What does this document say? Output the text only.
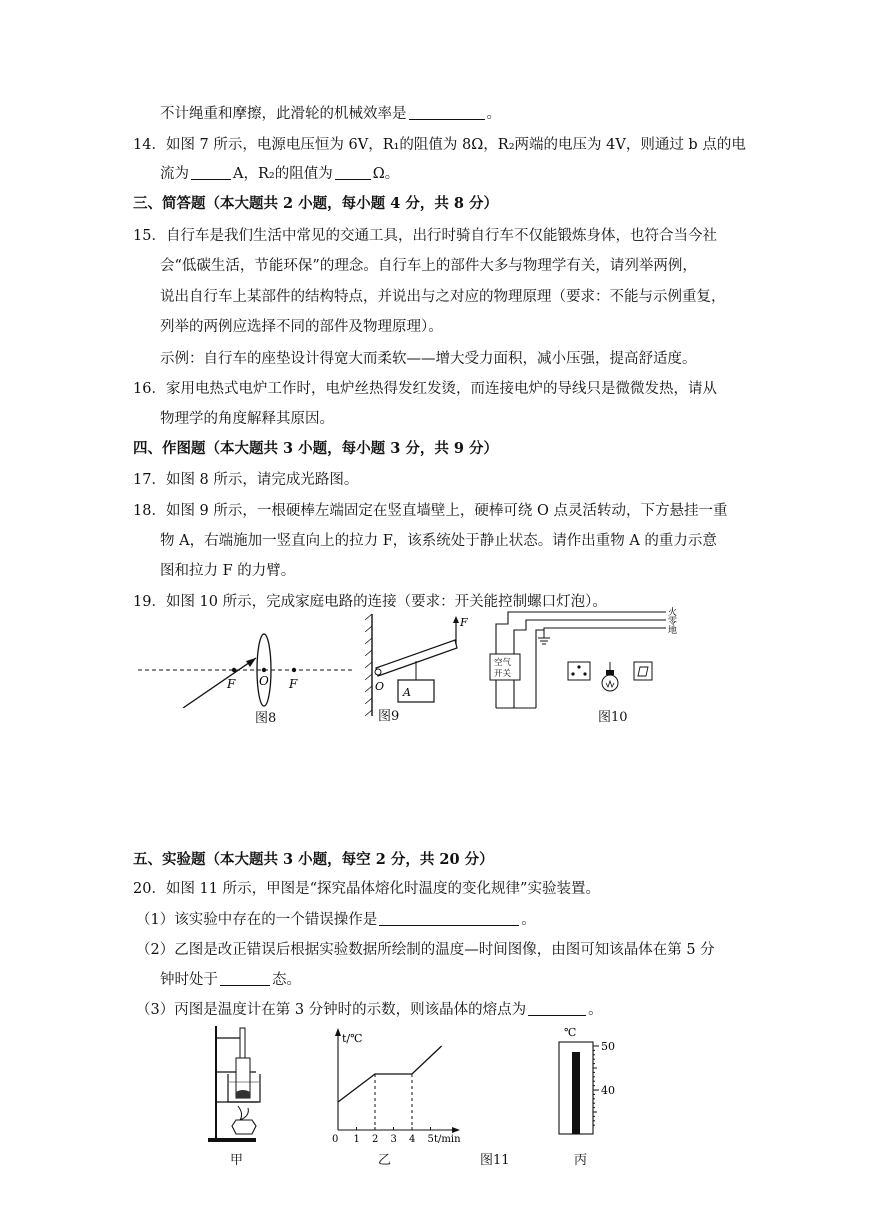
不计绳重和摩擦，此滑轮的机械效率是	。
14．如图 7 所示，电源电压恒为 6V，R₁的阻值为 8Ω，R₂两端的电压为 4V，则通过 b 点的电
流为	A，R₂的阻值为	Ω。
三、简答题（本大题共 2 小题，每小题 4 分，共 8 分）
15．自行车是我们生活中常见的交通工具，出行时骑自行车不仅能锻炼身体，也符合当今社
会“低碳生活，节能环保”的理念。自行车上的部件大多与物理学有关，请列举两例，
说出自行车上某部件的结构特点，并说出与之对应的物理原理（要求：不能与示例重复，
列举的两例应选择不同的部件及物理原理）。
示例：自行车的座垫设计得宽大而柔软——增大受力面积，减小压强，提高舒适度。
16．家用电热式电炉工作时，电炉丝热得发红发烫，而连接电炉的导线只是微微发热，请从
物理学的角度解释其原因。
四、作图题（本大题共 3 小题，每小题 3 分，共 9 分）
17．如图 8 所示，请完成光路图。
18．如图 9 所示，一根硬棒左端固定在竖直墙壁上，硬棒可绕 O 点灵活转动，下方悬挂一重
物 A，右端施加一竖直向上的拉力 F，该系统处于静止状态。请作出重物 A 的重力示意
图和拉力 F 的力臂。
19．如图 10 所示，完成家庭电路的连接（要求：开关能控制螺口灯泡）。
F O F
图8
F
O A
图9
火
零
地
空气
开关
图10
五、实验题（本大题共 3 小题，每空 2 分，共 20 分）
20．如图 11 所示，甲图是“探究晶体熔化时温度的变化规律”实验装置。
（1）该实验中存在的一个错误操作是	。
（2）乙图是改正错误后根据实验数据所绘制的温度—时间图像，由图可知该晶体在第 5 分
钟时处于	态。
（3）丙图是温度计在第 3 分钟时的示数，则该晶体的熔点为	。
甲
t/℃
t/min
0 1 2 3 4 5
乙	图11
℃
50
40
丙
